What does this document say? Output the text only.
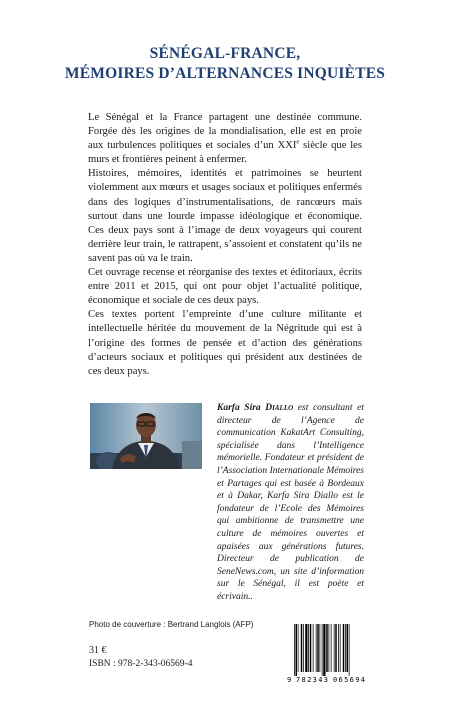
SÉNÉGAL-FRANCE,
MÉMOIRES D’ALTERNANCES INQUIÈTES

Le Sénégal et la France partagent une destinée commune. Forgée dès les origines de la mondialisation, elle est en proie aux turbulences politiques et sociales d’un XXIe siècle que les murs et frontières peinent à enfermer.

Histoires, mémoires, identités et patrimoines se heurtent violemment aux mœurs et usages sociaux et politiques enfermés dans des logiques d’instrumentalisations, de rancœurs mais surtout dans une lourde impasse idéologique et économique. Ces deux pays sont à l’image de deux voyageurs qui courent derrière leur train, le rattrapent, s’assoient et constatent qu’ils ne savent pas où va le train.

Cet ouvrage recense et réorganise des textes et éditoriaux, écrits entre 2011 et 2015, qui ont pour objet l’actualité politique, économique et sociale de ces deux pays.

Ces textes portent l’empreinte d’une culture militante et intellectuelle héritée du mouvement de la Négritude qui est à l’origine des formes de pensée et d’action des générations d’acteurs sociaux et politiques qui président aux destinées de ces deux pays.

Karfa Sira Diallo est consultant et directeur de l’Agence de communication KakatArt Consulting, spécialisée dans l’Intelligence mémorielle. Fondateur et président de l’Association Internationale Mémoires et Partages qui est basée à Bordeaux et à Dakar, Karfa Sira Diallo est le fondateur de l’Ecole des Mémoires qui ambitionne de transmettre une culture de mémoires ouvertes et apaisées aux générations futures. Directeur de publication de SeneNews.com, un site d’information sur le Sénégal, il est poète et écrivain..
Photo de couverture : Bertrand Langlois (AFP)
31 €
ISBN : 978-2-343-06569-4
9 782343 065694
